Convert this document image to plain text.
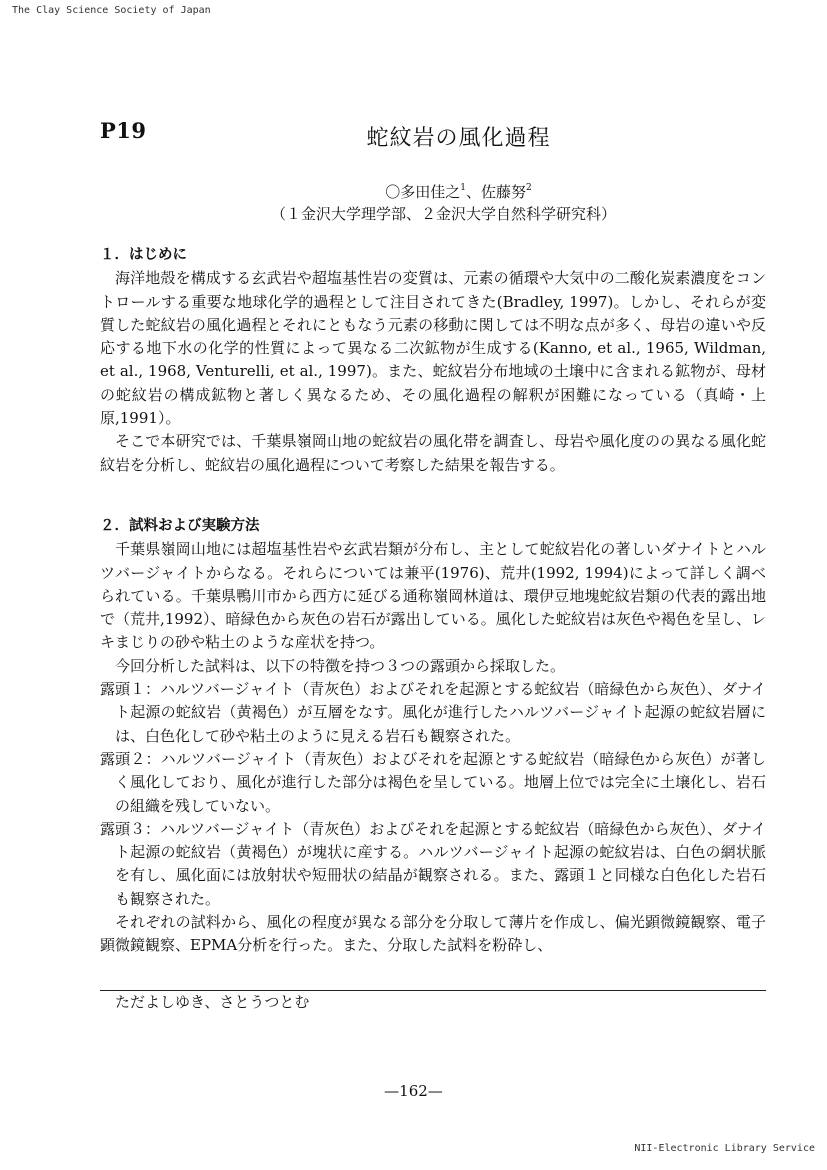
The Clay Science Society of Japan
P19	蛇紋岩の風化過程
〇多田佳之$^1$、佐藤努$^2$
（１金沢大学理学部、２金沢大学自然科学研究科）

１．はじめに

海洋地殻を構成する玄武岩や超塩基性岩の変質は、元素の循環や大気中の二酸化炭素濃度をコントロールする重要な地球化学的過程として注目されてきた(Bradley, 1997)。しかし、それらが変質した蛇紋岩の風化過程とそれにともなう元素の移動に関しては不明な点が多く、母岩の違いや反応する地下水の化学的性質によって異なる二次鉱物が生成する(Kanno, et al., 1965, Wildman, et al., 1968, Venturelli, et al., 1997)。また、蛇紋岩分布地域の土壌中に含まれる鉱物が、母材の蛇紋岩の構成鉱物と著しく異なるため、その風化過程の解釈が困難になっている（真崎・上原,1991）。

そこで本研究では、千葉県嶺岡山地の蛇紋岩の風化帯を調査し、母岩や風化度のの異なる風化蛇紋岩を分析し、蛇紋岩の風化過程について考察した結果を報告する。

２．試料および実験方法

千葉県嶺岡山地には超塩基性岩や玄武岩類が分布し、主として蛇紋岩化の著しいダナイトとハルツバージャイトからなる。それらについては兼平(1976)、荒井(1992, 1994)によって詳しく調べられている。千葉県鴨川市から西方に延びる通称嶺岡林道は、環伊豆地塊蛇紋岩類の代表的露出地で（荒井,1992）、暗緑色から灰色の岩石が露出している。風化した蛇紋岩は灰色や褐色を呈し、レキまじりの砂や粘土のような産状を持つ。

今回分析した試料は、以下の特徴を持つ３つの露頭から採取した。

露頭１：ハルツバージャイト（青灰色）およびそれを起源とする蛇紋岩（暗緑色から灰色）、ダナイト起源の蛇紋岩（黄褐色）が互層をなす。風化が進行したハルツバージャイト起源の蛇紋岩層には、白色化して砂や粘土のように見える岩石も観察された。

露頭２：ハルツバージャイト（青灰色）およびそれを起源とする蛇紋岩（暗緑色から灰色）が著しく風化しており、風化が進行した部分は褐色を呈している。地層上位では完全に土壌化し、岩石の組織を残していない。

露頭３：ハルツバージャイト（青灰色）およびそれを起源とする蛇紋岩（暗緑色から灰色）、ダナイト起源の蛇紋岩（黄褐色）が塊状に産する。ハルツバージャイト起源の蛇紋岩は、白色の網状脈を有し、風化面には放射状や短冊状の結晶が観察される。また、露頭１と同様な白色化した岩石も観察された。

それぞれの試料から、風化の程度が異なる部分を分取して薄片を作成し、偏光顕微鏡観察、電子顕微鏡観察、EPMA分析を行った。また、分取した試料を粉砕し、

ただよしゆき、さとうつとむ
—162—
NII-Electronic Library Service
